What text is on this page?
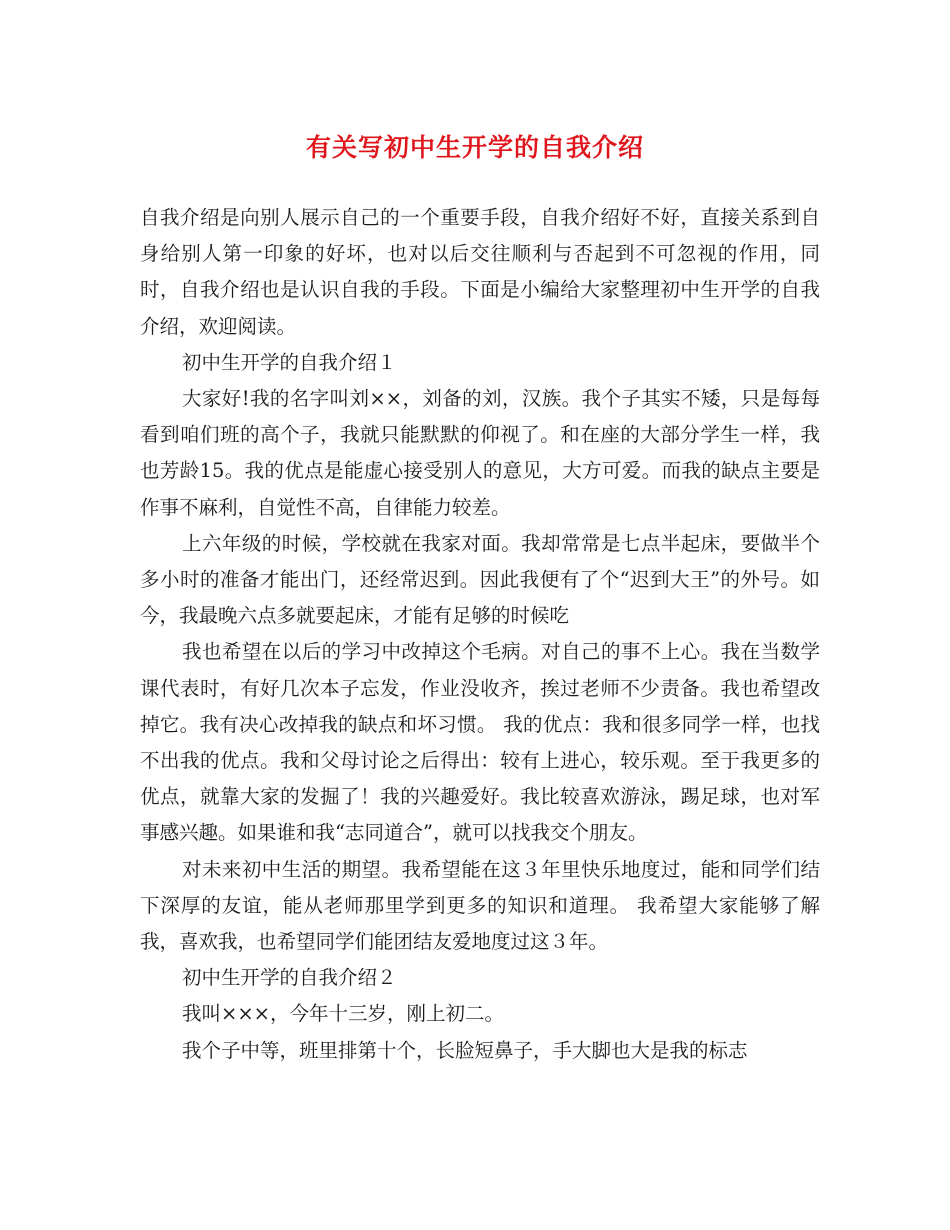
有关写初中生开学的自我介绍

自我介绍是向别人展示自己的一个重要手段，自我介绍好不好，直接关系到自身给别人第一印象的好坏，也对以后交往顺利与否起到不可忽视的作用，同时，自我介绍也是认识自我的手段。下面是小编给大家整理初中生开学的自我介绍，欢迎阅读。

初中生开学的自我介绍１

大家好!我的名字叫刘××，刘备的刘，汉族。我个子其实不矮，只是每每看到咱们班的高个子，我就只能默默的仰视了。和在座的大部分学生一样，我也芳龄15。我的优点是能虚心接受别人的意见，大方可爱。而我的缺点主要是作事不麻利，自觉性不高，自律能力较差。

上六年级的时候，学校就在我家对面。我却常常是七点半起床，要做半个多小时的准备才能出门，还经常迟到。因此我便有了个“迟到大王”的外号。如今，我最晚六点多就要起床，才能有足够的时候吃

我也希望在以后的学习中改掉这个毛病。对自己的事不上心。我在当数学课代表时，有好几次本子忘发，作业没收齐，挨过老师不少责备。我也希望改掉它。我有决心改掉我的缺点和坏习惯。 我的优点：我和很多同学一样，也找不出我的优点。我和父母讨论之后得出：较有上进心，较乐观。至于我更多的优点，就靠大家的发掘了！我的兴趣爱好。我比较喜欢游泳，踢足球，也对军事感兴趣。如果谁和我“志同道合”，就可以找我交个朋友。

对未来初中生活的期望。我希望能在这３年里快乐地度过，能和同学们结下深厚的友谊，能从老师那里学到更多的知识和道理。 我希望大家能够了解我，喜欢我，也希望同学们能团结友爱地度过这３年。

初中生开学的自我介绍２

我叫×××，今年十三岁，刚上初二。

我个子中等，班里排第十个，长脸短鼻子，手大脚也大是我的标志
